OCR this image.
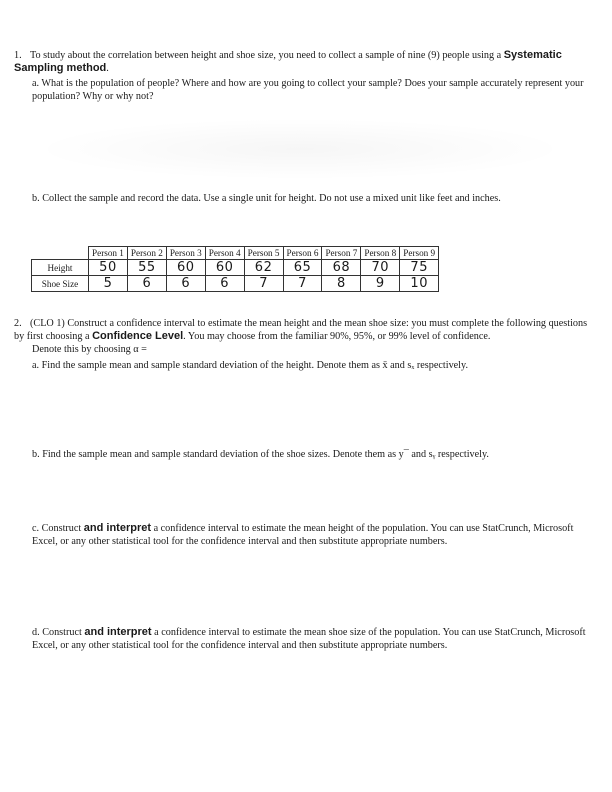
1. To study about the correlation between height and shoe size, you need to collect a sample of nine (9) people using a Systematic Sampling method.
a. What is the population of people? Where and how are you going to collect your sample? Does your sample accurately represent your population? Why or why not?
b. Collect the sample and record the data. Use a single unit for height. Do not use a mixed unit like feet and inches.
	Person 1	Person 2	Person 3	Person 4	Person 5	Person 6	Person 7	Person 8	Person 9
Height	50	55	60	60	62	65	68	70	75
Shoe Size	5	6	6	6	7	7	8	9	10
2. (CLO 1) Construct a confidence interval to estimate the mean height and the mean shoe size: you must complete the following questions by first choosing a Confidence Level. You may choose from the familiar 90%, 95%, or 99% level of confidence.
Denote this by choosing α =
a. Find the sample mean and sample standard deviation of the height. Denote them as x̄ and sₓ respectively.
b. Find the sample mean and sample standard deviation of the shoe sizes. Denote them as y¯ and sᵧ respectively.
c. Construct and interpret a confidence interval to estimate the mean height of the population. You can use StatCrunch, Microsoft Excel, or any other statistical tool for the confidence interval and then substitute appropriate numbers.
d. Construct and interpret a confidence interval to estimate the mean shoe size of the population. You can use StatCrunch, Microsoft Excel, or any other statistical tool for the confidence interval and then substitute appropriate numbers.
